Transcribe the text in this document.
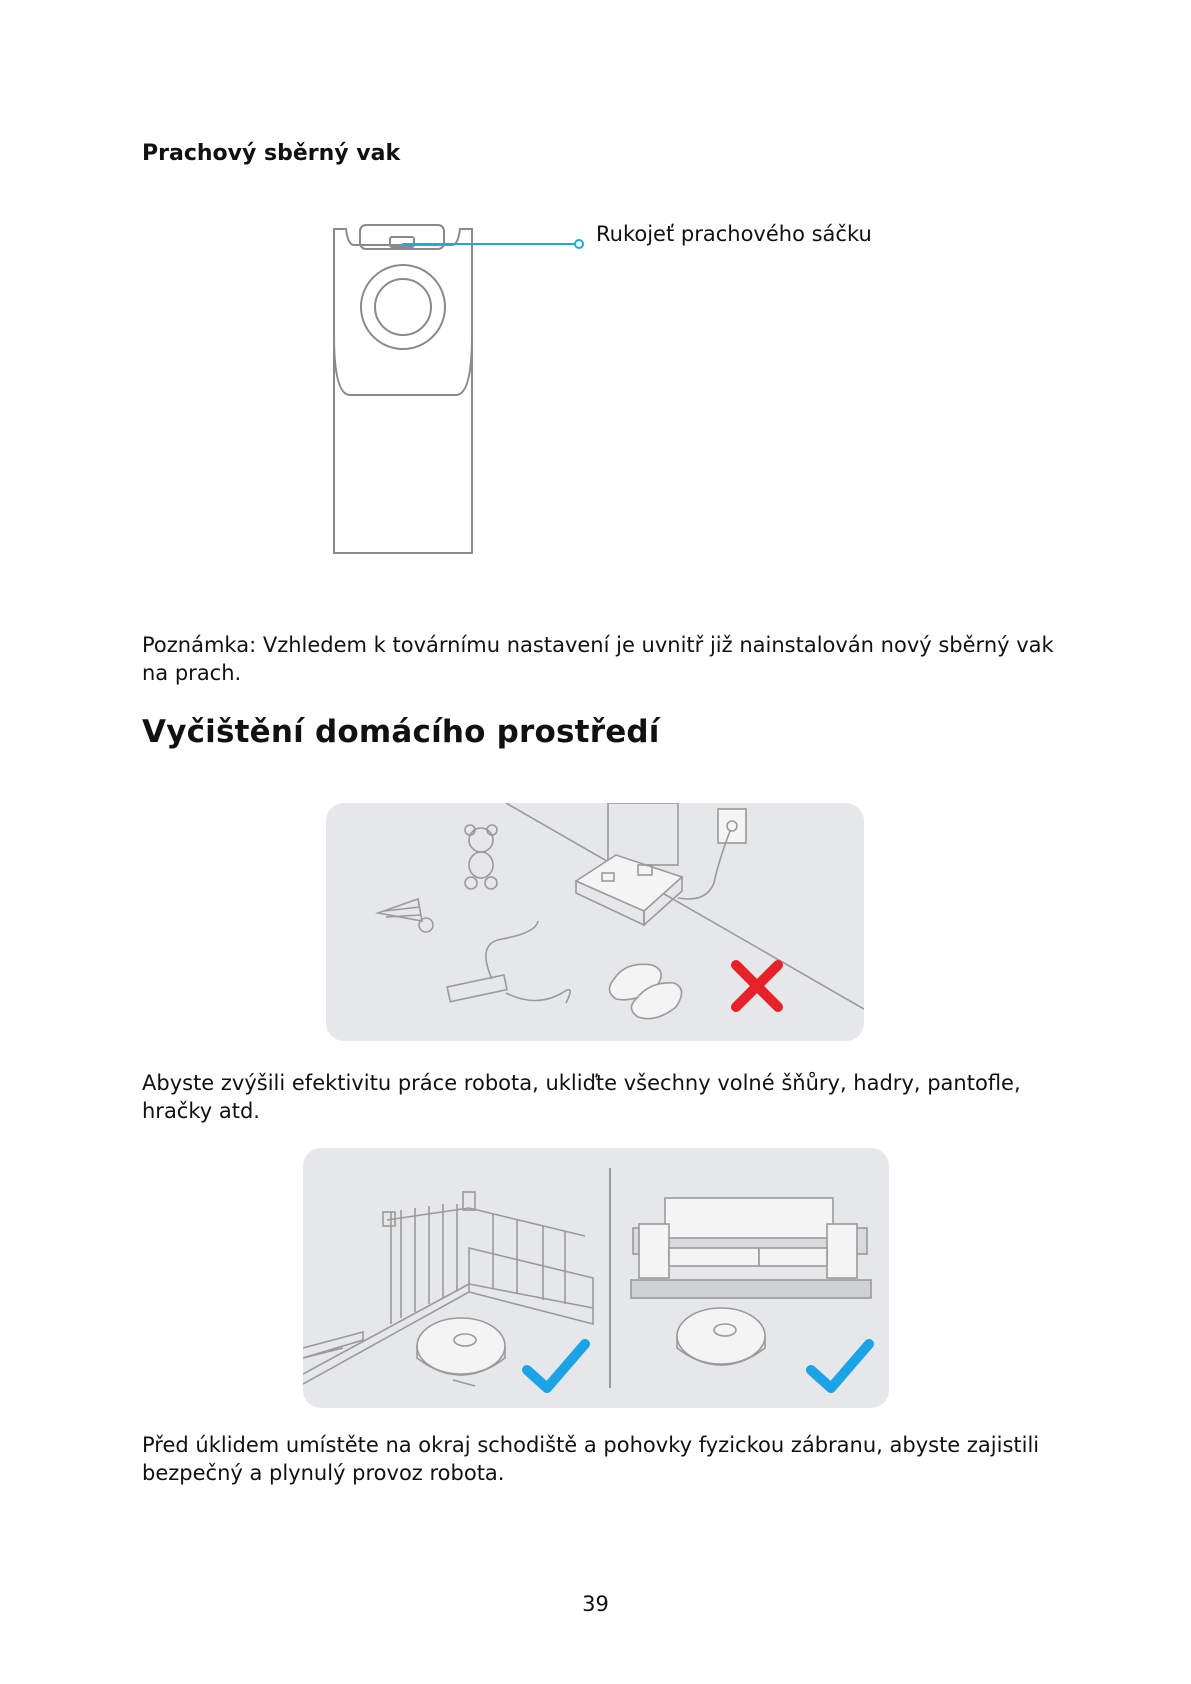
Prachový sběrný vak
Rukojeť prachového sáčku

Poznámka: Vzhledem k továrnímu nastavení je uvnitř již nainstalován nový sběrný vak na prach.

Vyčištění domácího prostředí

Abyste zvýšili efektivitu práce robota, ukliďte všechny volné šňůry, hadry, pantofle, hračky atd.

Před úklidem umístěte na okraj schodiště a pohovky fyzickou zábranu, abyste zajistili bezpečný a plynulý provoz robota.

39
